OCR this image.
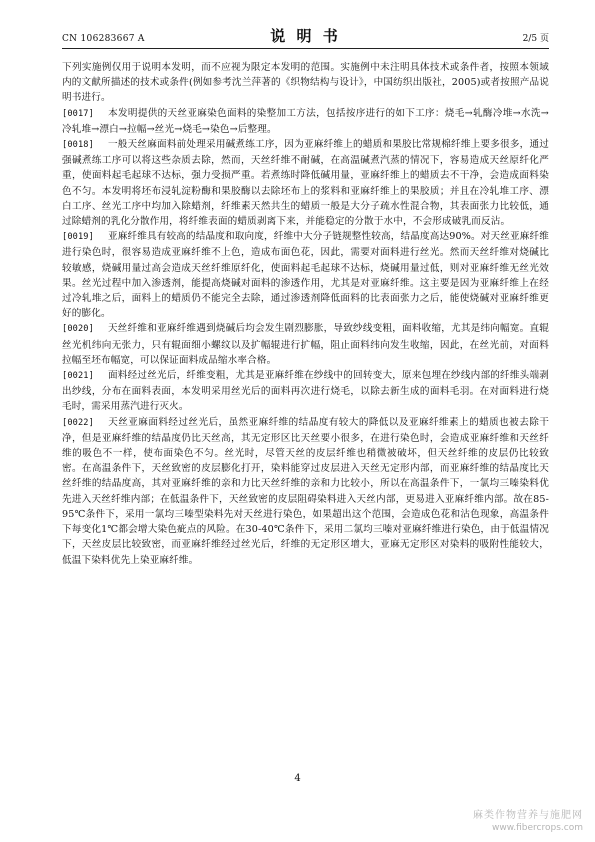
CN 106283667 A	说 明 书	2/5 页

下列实施例仅用于说明本发明，而不应视为限定本发明的范围。实施例中未注明具体技术或条件者，按照本领域内的文献所描述的技术或条件(例如参考沈兰萍著的《织物结构与设计》，中国纺织出版社，2005)或者按照产品说明书进行。

[0017] 本发明提供的天丝亚麻染色面料的染整加工方法，包括按序进行的如下工序：烧毛→轧酶冷堆→水洗→冷轧堆→漂白→拉幅→丝光→烧毛→染色→后整理。

[0018] 一般天丝麻面料前处理采用碱煮练工序，因为亚麻纤维上的蜡质和果胶比常规棉纤维上要多很多，通过强碱煮练工序可以将这些杂质去除，然而，天丝纤维不耐碱，在高温碱煮汽蒸的情况下，容易造成天丝原纤化严重，使面料起毛起球不达标，强力受损严重。若煮练时降低碱用量，亚麻纤维上的蜡质去不干净，会造成面料染色不匀。本发明将坯布浸轧淀粉酶和果胶酶以去除坯布上的浆料和亚麻纤维上的果胶质；并且在冷轧堆工序、漂白工序、丝光工序中均加入除蜡剂，纤维素天然共生的蜡质一般是大分子疏水性混合物，其表面张力比较低，通过除蜡剂的乳化分散作用，将纤维表面的蜡质剥离下来，并能稳定的分散于水中，不会形成破乳而反沾。

[0019] 亚麻纤维具有较高的结晶度和取向度，纤维中大分子链规整性较高，结晶度高达90%。对天丝亚麻纤维进行染色时，很容易造成亚麻纤维不上色，造成布面色花，因此，需要对面料进行丝光。然而天丝纤维对烧碱比较敏感，烧碱用量过高会造成天丝纤维原纤化，使面料起毛起球不达标，烧碱用量过低，则对亚麻纤维无丝光效果。丝光过程中加入渗透剂，能提高烧碱对面料的渗透作用，尤其是对亚麻纤维。这主要是因为亚麻纤维上在经过冷轧堆之后，面料上的蜡质仍不能完全去除，通过渗透剂降低面料的比表面张力之后，能使烧碱对亚麻纤维更好的膨化。

[0020] 天丝纤维和亚麻纤维遇到烧碱后均会发生剧烈膨胀，导致纱线变粗，面料收缩，尤其是纬向幅宽。直辊丝光机纬向无张力，只有辊面细小螺纹以及扩幅辊进行扩幅，阻止面料纬向发生收缩，因此，在丝光前，对面料拉幅至坯布幅宽，可以保证面料成品缩水率合格。

[0021] 面料经过丝光后，纤维变粗，尤其是亚麻纤维在纱线中的回转变大，原来包埋在纱线内部的纤维头端剥出纱线，分布在面料表面，本发明采用丝光后的面料再次进行烧毛，以除去新生成的面料毛羽。在对面料进行烧毛时，需采用蒸汽进行灭火。

[0022] 天丝亚麻面料经过丝光后，虽然亚麻纤维的结晶度有较大的降低以及亚麻纤维素上的蜡质也被去除干净，但是亚麻纤维的结晶度仍比天丝高，其无定形区比天丝要小很多，在进行染色时，会造成亚麻纤维和天丝纤维的吸色不一样，使布面染色不匀。丝光时，尽管天丝的皮层纤维也稍微被破坏，但天丝纤维的皮层仍比较致密。在高温条件下，天丝致密的皮层膨化打开，染料能穿过皮层进入天丝无定形内部，而亚麻纤维的结晶度比天丝纤维的结晶度高，其对亚麻纤维的亲和力比天丝纤维的亲和力比较小，所以在高温条件下，一氯均三嗪染料优先进入天丝纤维内部；在低温条件下，天丝致密的皮层阻碍染料进入天丝内部，更易进入亚麻纤维内部。故在85-95℃条件下，采用一氯均三嗪型染料先对天丝进行染色，如果超出这个范围，会造成色花和沾色现象，高温条件下每变化1℃都会增大染色疵点的风险。在30-40℃条件下，采用二氯均三嗪对亚麻纤维进行染色，由于低温情况下，天丝皮层比较致密，而亚麻纤维经过丝光后，纤维的无定形区增大，亚麻无定形区对染料的吸附性能较大，低温下染料优先上染亚麻纤维。

4
麻类作物营养与施肥网
www.fibercrops.com
